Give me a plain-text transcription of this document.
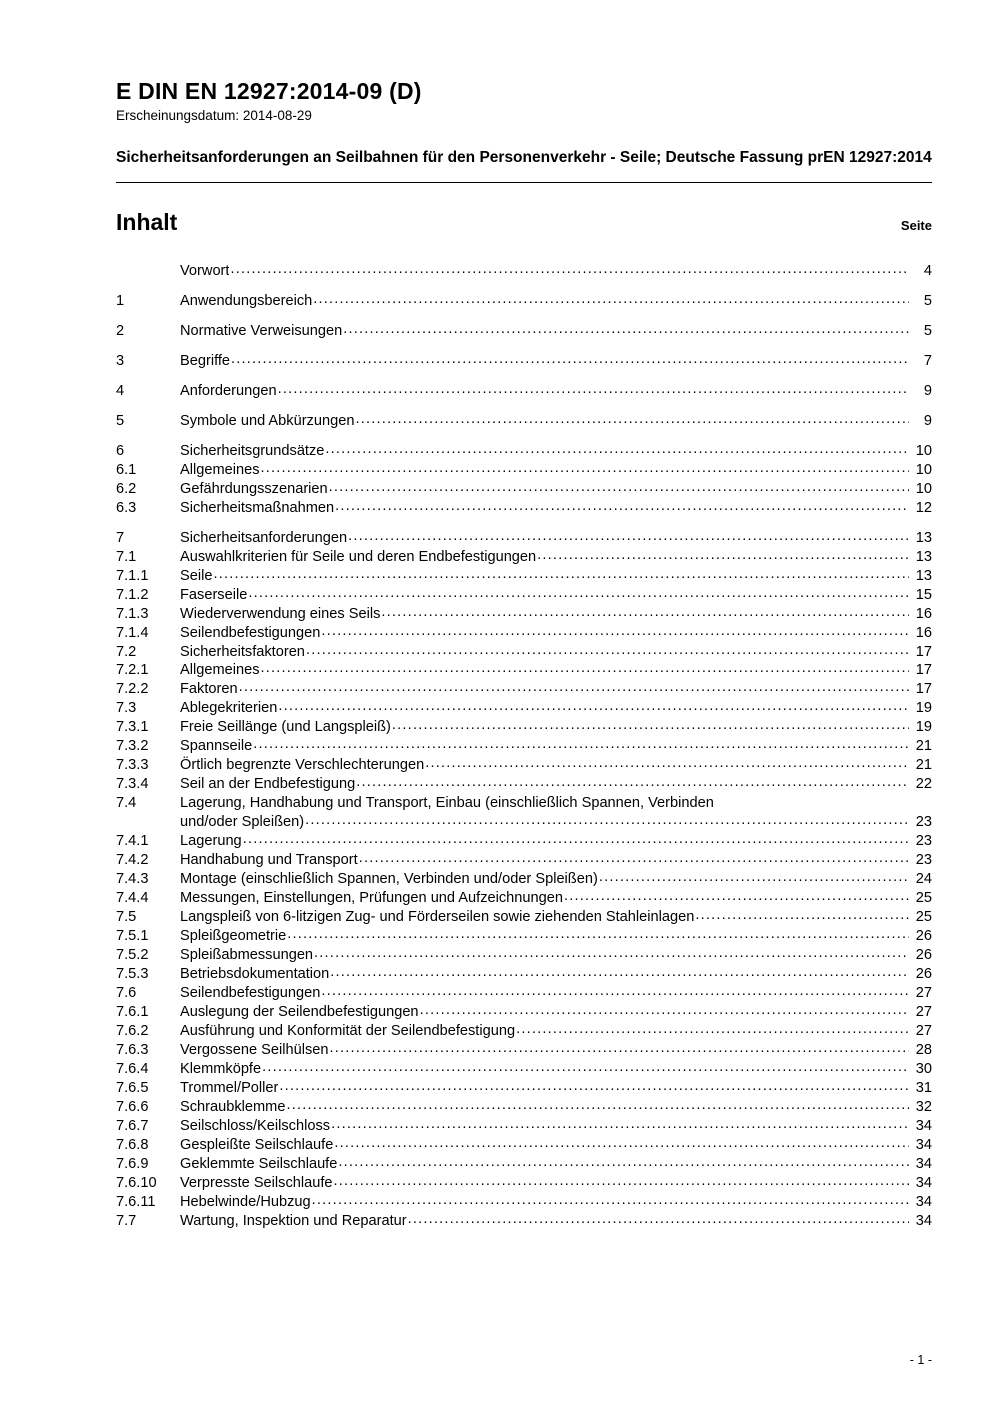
E DIN EN 12927:2014-09 (D)
Erscheinungsdatum: 2014-08-29
Sicherheitsanforderungen an Seilbahnen für den Personenverkehr - Seile; Deutsche Fassung prEN 12927:2014
Inhalt	Seite
Vorwort .....	4
1	Anwendungsbereich .....	5
2	Normative Verweisungen .....	5
3	Begriffe .....	7
4	Anforderungen .....	9
5	Symbole und Abkürzungen .....	9
6	Sicherheitsgrundsätze .....	10
6.1	Allgemeines .....	10
6.2	Gefährdungsszenarien .....	10
6.3	Sicherheitsmaßnahmen .....	12
7	Sicherheitsanforderungen .....	13
7.1	Auswahlkriterien für Seile und deren Endbefestigungen .....	13
7.1.1	Seile .....	13
7.1.2	Faserseile .....	15
7.1.3	Wiederverwendung eines Seils .....	16
7.1.4	Seilendbefestigungen .....	16
7.2	Sicherheitsfaktoren .....	17
7.2.1	Allgemeines .....	17
7.2.2	Faktoren .....	17
7.3	Ablegekriterien .....	19
7.3.1	Freie Seillänge (und Langspleiß) .....	19
7.3.2	Spannseile .....	21
7.3.3	Örtlich begrenzte Verschlechterungen .....	21
7.3.4	Seil an der Endbefestigung .....	22
7.4	Lagerung, Handhabung und Transport, Einbau (einschließlich Spannen, Verbinden
und/oder Spleißen) .....	23
7.4.1	Lagerung .....	23
7.4.2	Handhabung und Transport .....	23
7.4.3	Montage (einschließlich Spannen, Verbinden und/oder Spleißen) .....	24
7.4.4	Messungen, Einstellungen, Prüfungen und Aufzeichnungen .....	25
7.5	Langspleiß von 6-litzigen Zug- und Förderseilen sowie ziehenden Stahleinlagen .....	25
7.5.1	Spleißgeometrie .....	26
7.5.2	Spleißabmessungen .....	26
7.5.3	Betriebsdokumentation .....	26
7.6	Seilendbefestigungen .....	27
7.6.1	Auslegung der Seilendbefestigungen .....	27
7.6.2	Ausführung und Konformität der Seilendbefestigung .....	27
7.6.3	Vergossene Seilhülsen .....	28
7.6.4	Klemmköpfe .....	30
7.6.5	Trommel/Poller .....	31
7.6.6	Schraubklemme .....	32
7.6.7	Seilschloss/Keilschloss .....	34
7.6.8	Gespleißte Seilschlaufe .....	34
7.6.9	Geklemmte Seilschlaufe .....	34
7.6.10	Verpresste Seilschlaufe .....	34
7.6.11	Hebelwinde/Hubzug .....	34
7.7	Wartung, Inspektion und Reparatur .....	34
- 1 -
